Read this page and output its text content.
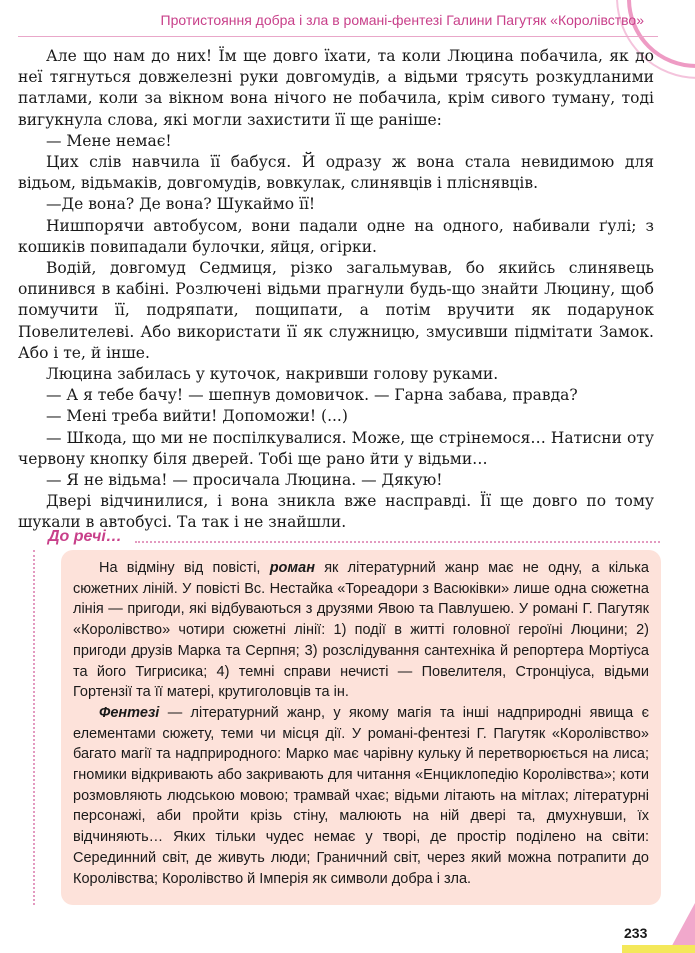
Протистояння добра і зла в романі-фентезі Галини Пагутяк «Королівство»

Але що нам до них! Їм ще довго їхати, та коли Люцина побачила, як до неї тягнуться довжелезні руки довгомудів, а відьми трясуть розкудланими патлами, коли за вікном вона нічого не побачила, крім сивого туману, тоді вигукнула слова, які могли захистити її ще раніше:

— Мене немає!

Цих слів навчила її бабуся. Й одразу ж вона стала невидимою для відьом, відьмаків, довгомудів, вовкулак, слинявців і пліснявців.

—Де вона? Де вона? Шукаймо її!

Нишпорячи автобусом, вони падали одне на одного, набивали ґулі; з кошиків повипадали булочки, яйця, огірки.

Водій, довгомуд Седмиця, різко загальмував, бо якийсь слинявець опинився в кабіні. Розлючені відьми прагнули будь-що знайти Люцину, щоб помучити її, подряпати, пощипати, а потім вручити як подарунок Повелителеві. Або використати її як служницю, змусивши підмітати Замок. Або і те, й інше.

Люцина забилась у куточок, накривши голову руками.

— А я тебе бачу! — шепнув домовичок. — Гарна забава, правда?

— Мені треба вийти! Допоможи! (...)

— Шкода, що ми не поспілкувалися. Може, ще стрінемося… Натисни оту червону кнопку біля дверей. Тобі ще рано йти у відьми…

— Я не відьма! — просичала Люцина. — Дякую!

Двері відчинилися, і вона зникла вже насправді. Її ще довго по тому шукали в автобусі. Та так і не знайшли.

До речі…

На відміну від повісті, роман як літературний жанр має не одну, а кілька сюжетних ліній. У повісті Вс. Нестайка «Тореадори з Васюківки» лише одна сюжетна лінія — пригоди, які відбуваються з друзями Явою та Павлушею. У романі Г. Пагутяк «Королівство» чотири сюжетні лінії: 1) події в житті головної героїні Люцини; 2) пригоди друзів Марка та Серпня; 3) розслідування сантехніка й репортера Мортіуса та його Тигрисика; 4) темні справи нечисті — Повелителя, Стронціуса, відьми Гортензії та її матері, крутиголовців та ін.

Фентезі — літературний жанр, у якому магія та інші надприродні явища є елементами сюжету, теми чи місця дії. У романі-фентезі Г. Пагутяк «Королівство» багато магії та надприродного: Марко має чарівну кульку й перетворюється на лиса; гномики відкривають або закривають для читання «Енциклопедію Королівства»; коти розмовляють людською мовою; трамвай чхає; відьми літають на мітлах; літературні персонажі, аби пройти крізь стіну, малюють на ній двері та, дмухнувши, їх відчиняють… Яких тільки чудес немає у творі, де простір поділено на світи: Серединний світ, де живуть люди; Граничний світ, через який можна потрапити до Королівства; Королівство й Імперія як символи добра і зла.

233
